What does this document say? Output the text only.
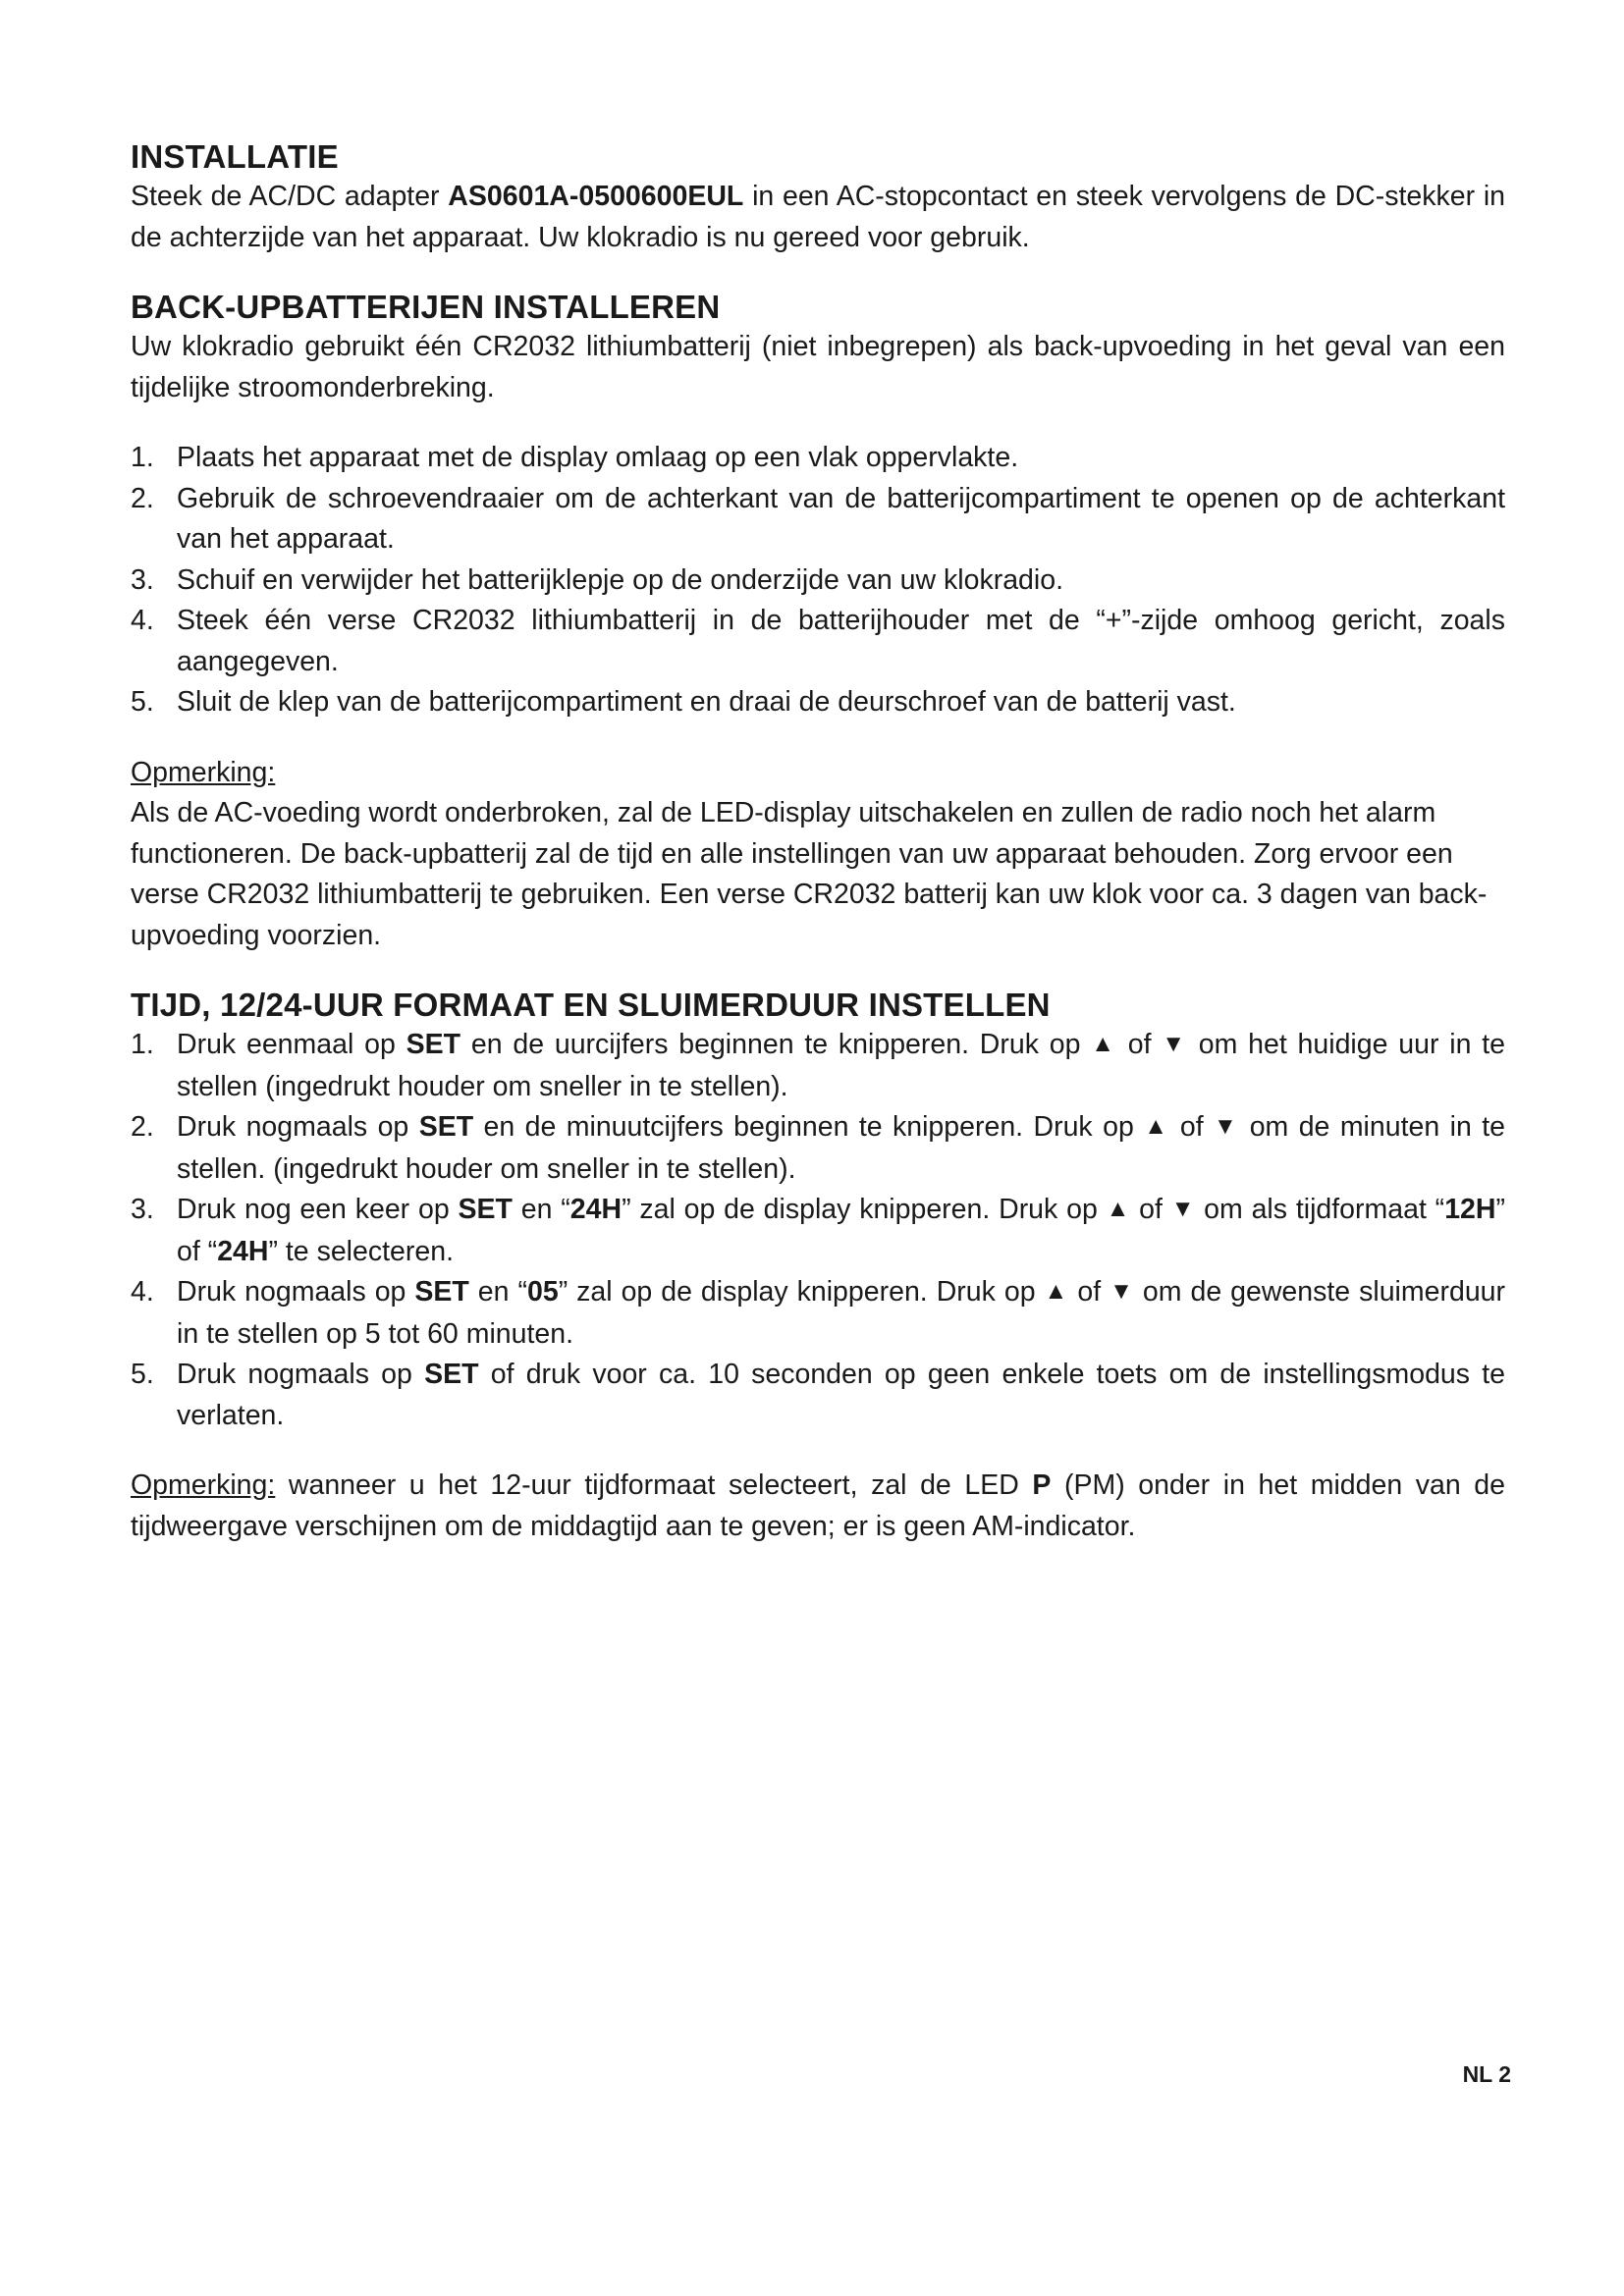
INSTALLATIE

Steek de AC/DC adapter AS0601A-0500600EUL in een AC-stopcontact en steek vervolgens de DC-stekker in de achterzijde van het apparaat. Uw klokradio is nu gereed voor gebruik.

BACK-UPBATTERIJEN INSTALLEREN

Uw klokradio gebruikt één CR2032 lithiumbatterij (niet inbegrepen) als back-upvoeding in het geval van een tijdelijke stroomonderbreking.

1. Plaats het apparaat met de display omlaag op een vlak oppervlakte.
2. Gebruik de schroevendraaier om de achterkant van de batterijcompartiment te openen op de achterkant van het apparaat.
3. Schuif en verwijder het batterijklepje op de onderzijde van uw klokradio.
4. Steek één verse CR2032 lithiumbatterij in de batterijhouder met de “+”-zijde omhoog gericht, zoals aangegeven.
5. Sluit de klep van de batterijcompartiment en draai de deurschroef van de batterij vast.

Opmerking:

Als de AC-voeding wordt onderbroken, zal de LED-display uitschakelen en zullen de radio noch het alarm functioneren. De back-upbatterij zal de tijd en alle instellingen van uw apparaat behouden. Zorg ervoor een verse CR2032 lithiumbatterij te gebruiken. Een verse CR2032 batterij kan uw klok voor ca. 3 dagen van back-upvoeding voorzien.

TIJD, 12/24-UUR FORMAAT EN SLUIMERDUUR INSTELLEN
1. Druk eenmaal op SET en de uurcijfers beginnen te knipperen. Druk op ▲ of ▼ om het huidige uur in te stellen (ingedrukt houder om sneller in te stellen).
2. Druk nogmaals op SET en de minuutcijfers beginnen te knipperen. Druk op ▲ of ▼ om de minuten in te stellen. (ingedrukt houder om sneller in te stellen).
3. Druk nog een keer op SET en “24H” zal op de display knipperen. Druk op ▲ of ▼ om als tijdformaat “12H” of “24H” te selecteren.
4. Druk nogmaals op SET en “05” zal op de display knipperen. Druk op ▲ of ▼ om de gewenste sluimerduur in te stellen op 5 tot 60 minuten.
5. Druk nogmaals op SET of druk voor ca. 10 seconden op geen enkele toets om de instellingsmodus te verlaten.

Opmerking: wanneer u het 12-uur tijdformaat selecteert, zal de LED P (PM) onder in het midden van de tijdweergave verschijnen om de middagtijd aan te geven; er is geen AM-indicator.

NL 2
